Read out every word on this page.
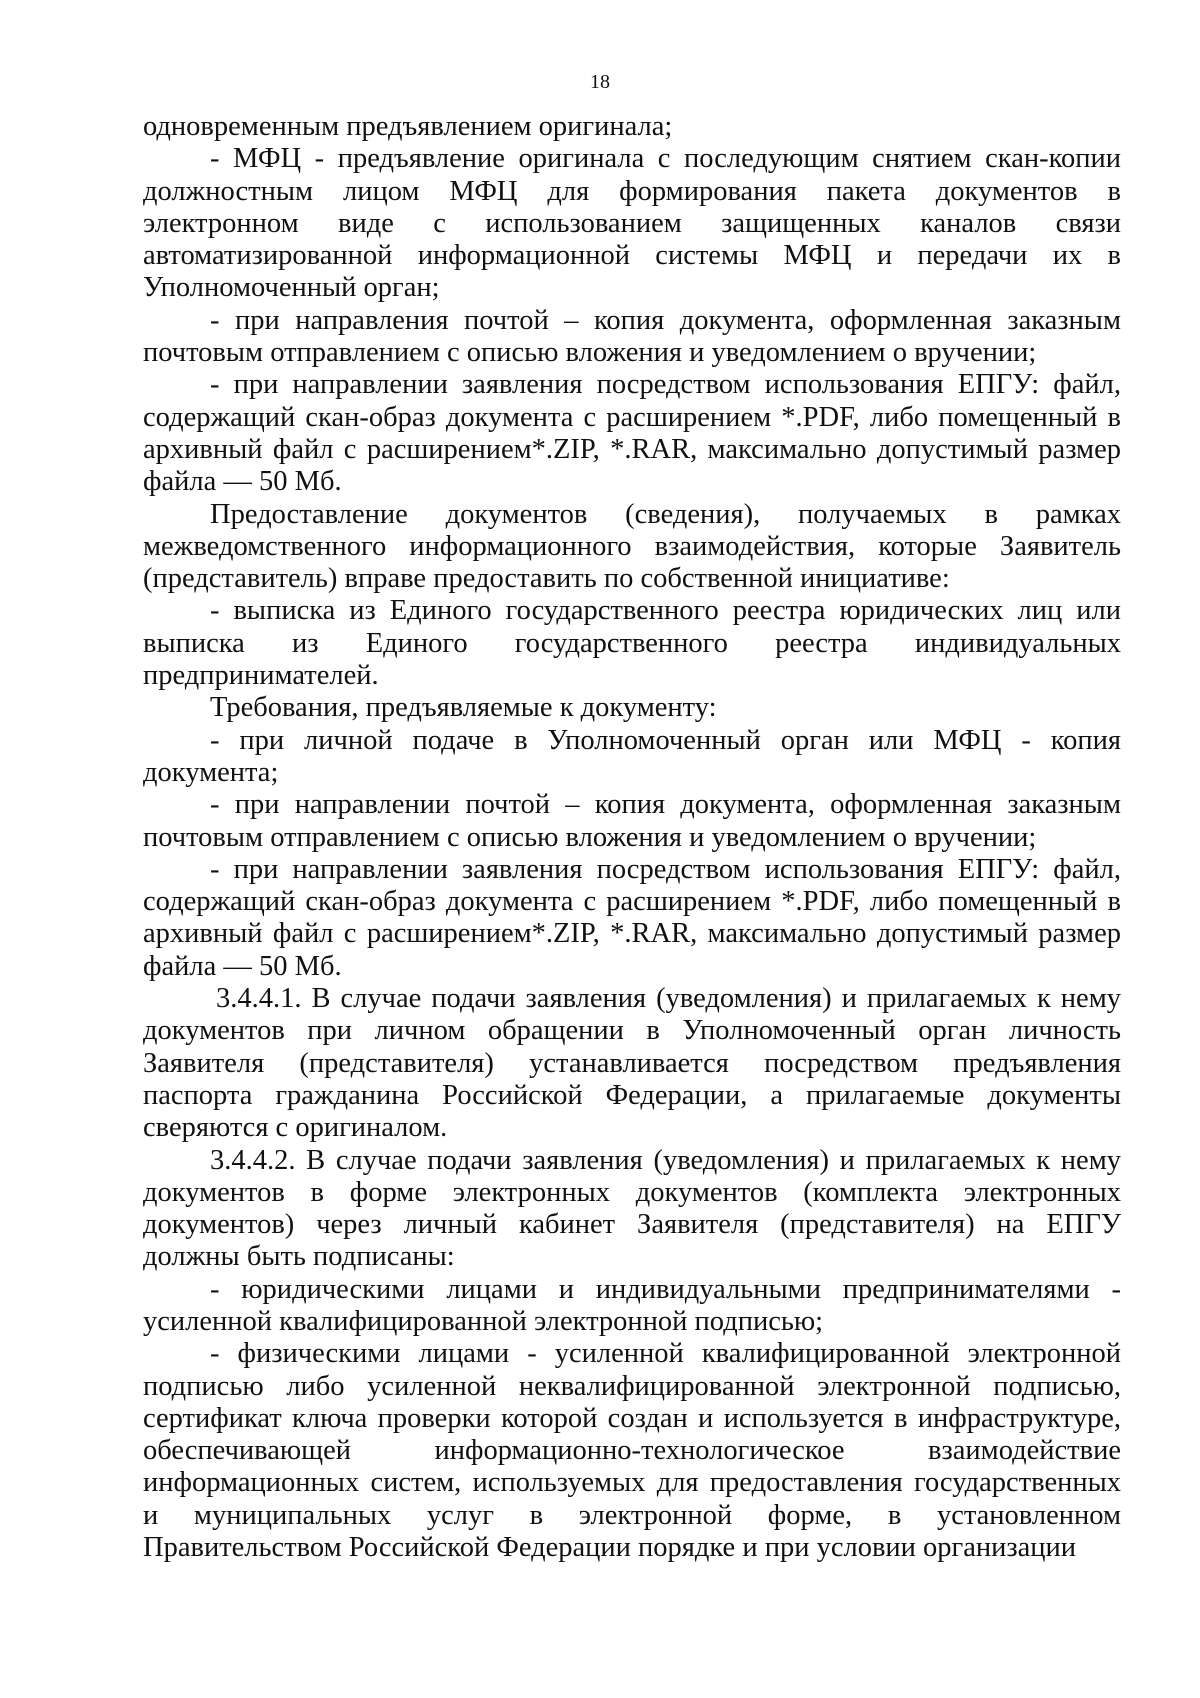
18

одновременным предъявлением оригинала;

- МФЦ - предъявление оригинала с последующим снятием скан-копии должностным лицом МФЦ для формирования пакета документов в электронном виде с использованием защищенных каналов связи автоматизированной информационной системы МФЦ и передачи их в Уполномоченный орган;

- при направления почтой – копия документа, оформленная заказным почтовым отправлением с описью вложения и уведомлением о вручении;

- при направлении заявления посредством использования ЕПГУ: файл, содержащий скан-образ документа с расширением *.PDF, либо помещенный в архивный файл с расширением*.ZIP, *.RAR, максимально допустимый размер файла — 50 Мб.

Предоставление документов (сведения), получаемых в рамках межведомственного информационного взаимодействия, которые Заявитель (представитель) вправе предоставить по собственной инициативе:

- выписка из Единого государственного реестра юридических лиц или выписка из Единого государственного реестра индивидуальных предпринимателей.

Требования, предъявляемые к документу:

- при личной подаче в Уполномоченный орган или МФЦ - копия документа;

- при направлении почтой – копия документа, оформленная заказным почтовым отправлением с описью вложения и уведомлением о вручении;

- при направлении заявления посредством использования ЕПГУ: файл, содержащий скан-образ документа с расширением *.PDF, либо помещенный в архивный файл с расширением*.ZIP, *.RAR, максимально допустимый размер файла — 50 Мб.

3.4.4.1. В случае подачи заявления (уведомления) и прилагаемых к нему документов при личном обращении в Уполномоченный орган личность Заявителя (представителя) устанавливается посредством предъявления паспорта гражданина Российской Федерации, а прилагаемые документы сверяются с оригиналом.

3.4.4.2. В случае подачи заявления (уведомления) и прилагаемых к нему документов в форме электронных документов (комплекта электронных документов) через личный кабинет Заявителя (представителя) на ЕПГУ должны быть подписаны:

- юридическими лицами и индивидуальными предпринимателями - усиленной квалифицированной электронной подписью;

- физическими лицами - усиленной квалифицированной электронной подписью либо усиленной неквалифицированной электронной подписью, сертификат ключа проверки которой создан и используется в инфраструктуре, обеспечивающей информационно-технологическое взаимодействие информационных систем, используемых для предоставления государственных и муниципальных услуг в электронной форме, в установленном Правительством Российской Федерации порядке и при условии организации
